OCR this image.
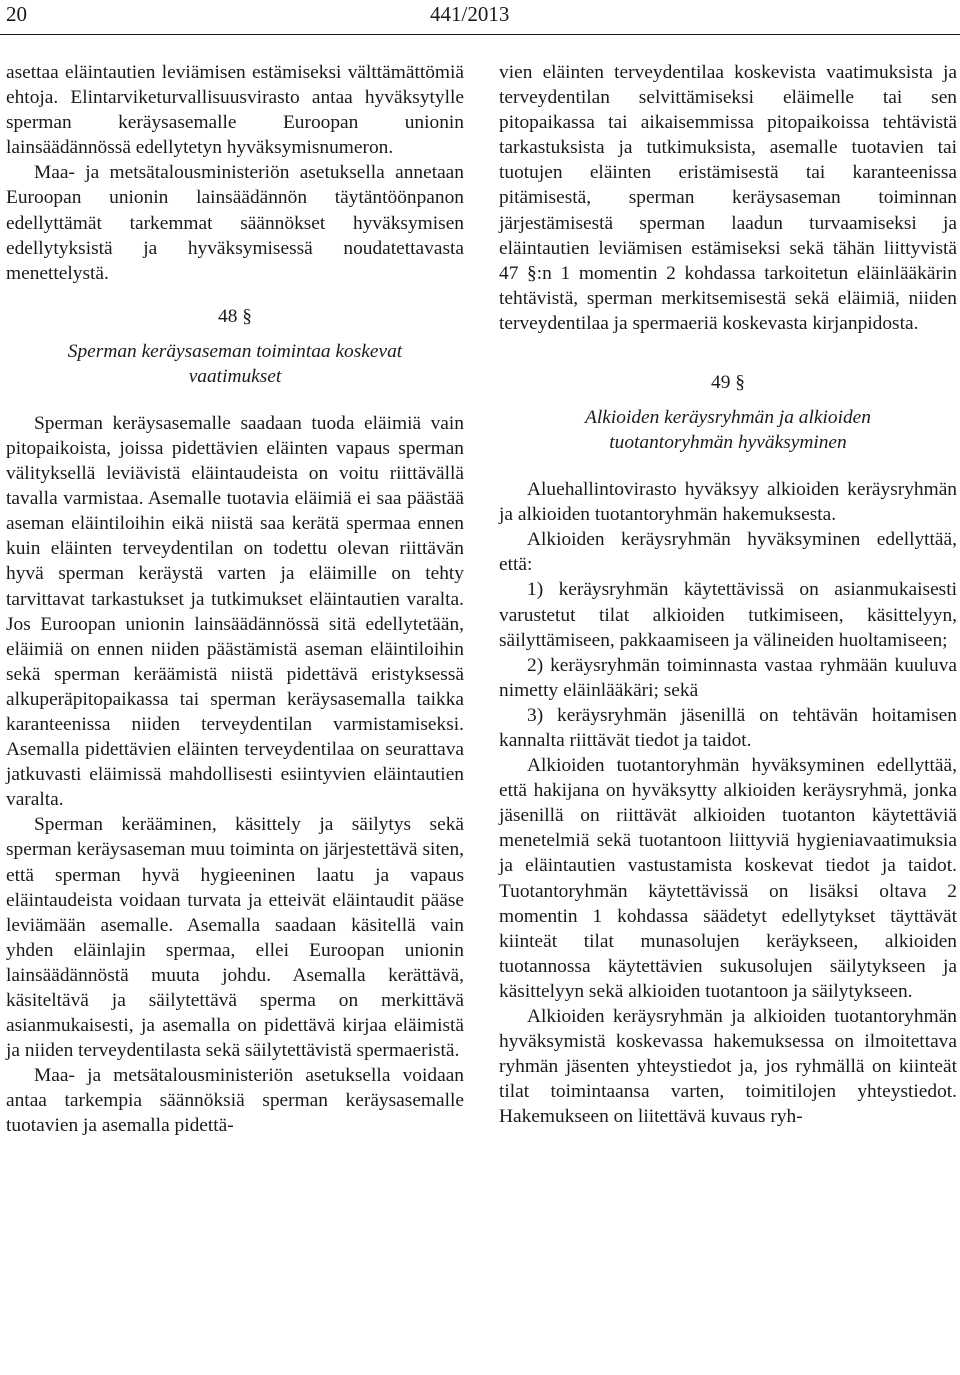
20	441/2013

asettaa eläintautien leviämisen estämiseksi välttämättömiä ehtoja. Elintarviketurvallisuusvirasto antaa hyväksytylle sperman keräysasemalle Euroopan unionin lainsäädännössä edellytetyn hyväksymisnumeron.

Maa- ja metsätalousministeriön asetuksella annetaan Euroopan unionin lainsäädännön täytäntöönpanon edellyttämät tarkemmat säännökset hyväksymisen edellytyksistä ja hyväksymisessä noudatettavasta menettelystä.

48 §
Sperman keräysaseman toimintaa koskevat
vaatimukset

Sperman keräysasemalle saadaan tuoda eläimiä vain pitopaikoista, joissa pidettävien eläinten vapaus sperman välityksellä leviävistä eläintaudeista on voitu riittävällä tavalla varmistaa. Asemalle tuotavia eläimiä ei saa päästää aseman eläintiloihin eikä niistä saa kerätä spermaa ennen kuin eläinten terveydentilan on todettu olevan riittävän hyvä sperman keräystä varten ja eläimille on tehty tarvittavat tarkastukset ja tutkimukset eläintautien varalta. Jos Euroopan unionin lainsäädännössä sitä edellytetään, eläimiä on ennen niiden päästämistä aseman eläintiloihin sekä sperman keräämistä niistä pidettävä eristyksessä alkuperäpitopaikassa tai sperman keräysasemalla taikka karanteenissa niiden terveydentilan varmistamiseksi. Asemalla pidettävien eläinten terveydentilaa on seurattava jatkuvasti eläimissä mahdollisesti esiintyvien eläintautien varalta.

Sperman kerääminen, käsittely ja säilytys sekä sperman keräysaseman muu toiminta on järjestettävä siten, että sperman hyvä hygieeninen laatu ja vapaus eläintaudeista voidaan turvata ja etteivät eläintaudit pääse leviämään asemalle. Asemalla saadaan käsitellä vain yhden eläinlajin spermaa, ellei Euroopan unionin lainsäädännöstä muuta johdu. Asemalla kerättävä, käsiteltävä ja säilytettävä sperma on merkittävä asianmukaisesti, ja asemalla on pidettävä kirjaa eläimistä ja niiden terveydentilasta sekä säilytettävistä spermaeristä.

Maa- ja metsätalousministeriön asetuksella voidaan antaa tarkempia säännöksiä sperman keräysasemalle tuotavien ja asemalla pidettä-

vien eläinten terveydentilaa koskevista vaatimuksista ja terveydentilan selvittämiseksi eläimelle tai sen pitopaikassa tai aikaisemmissa pitopaikoissa tehtävistä tarkastuksista ja tutkimuksista, asemalle tuotavien tai tuotujen eläinten eristämisestä tai karanteenissa pitämisestä, sperman keräysaseman toiminnan järjestämisestä sperman laadun turvaamiseksi ja eläintautien leviämisen estämiseksi sekä tähän liittyvistä 47 §:n 1 momentin 2 kohdassa tarkoitetun eläinlääkärin tehtävistä, sperman merkitsemisestä sekä eläimiä, niiden terveydentilaa ja spermaeriä koskevasta kirjanpidosta.

49 §
Alkioiden keräysryhmän ja alkioiden
tuotantoryhmän hyväksyminen

Aluehallintovirasto hyväksyy alkioiden keräysryhmän ja alkioiden tuotantoryhmän hakemuksesta.

Alkioiden keräysryhmän hyväksyminen edellyttää, että:

1) keräysryhmän käytettävissä on asianmukaisesti varustetut tilat alkioiden tutkimiseen, käsittelyyn, säilyttämiseen, pakkaamiseen ja välineiden huoltamiseen;

2) keräysryhmän toiminnasta vastaa ryhmään kuuluva nimetty eläinlääkäri; sekä

3) keräysryhmän jäsenillä on tehtävän hoitamisen kannalta riittävät tiedot ja taidot.

Alkioiden tuotantoryhmän hyväksyminen edellyttää, että hakijana on hyväksytty alkioiden keräysryhmä, jonka jäsenillä on riittävät alkioiden tuotanton käytettäviä menetelmiä sekä tuotantoon liittyviä hygieniavaatimuksia ja eläintautien vastustamista koskevat tiedot ja taidot. Tuotantoryhmän käytettävissä on lisäksi oltava 2 momentin 1 kohdassa säädetyt edellytykset täyttävät kiinteät tilat munasolujen keräykseen, alkioiden tuotannossa käytettävien sukusolujen säilytykseen ja käsittelyyn sekä alkioiden tuotantoon ja säilytykseen.

Alkioiden keräysryhmän ja alkioiden tuotantoryhmän hyväksymistä koskevassa hakemuksessa on ilmoitettava ryhmän jäsenten yhteystiedot ja, jos ryhmällä on kiinteät tilat toimintaansa varten, toimitilojen yhteystiedot. Hakemukseen on liitettävä kuvaus ryh-
